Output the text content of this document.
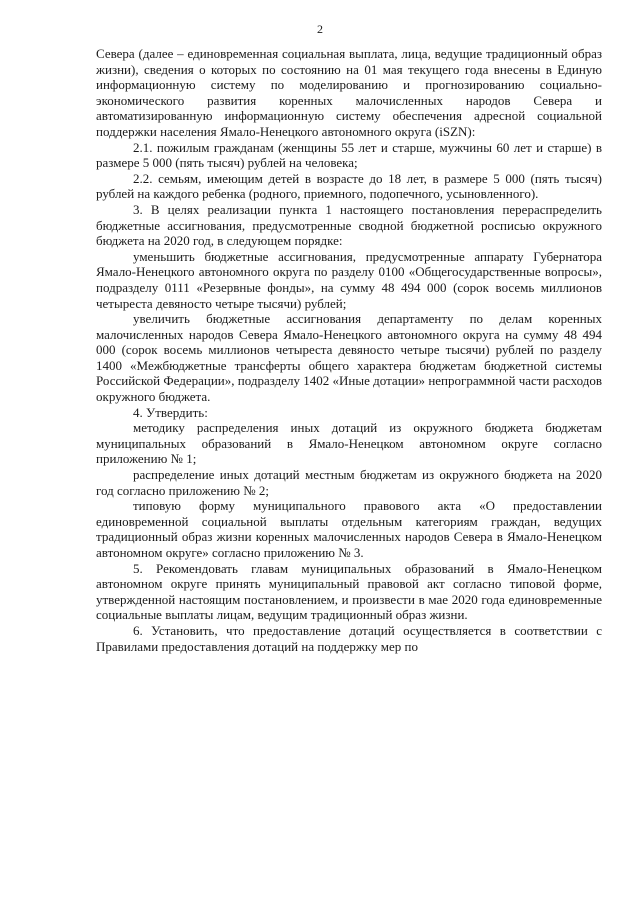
2

Севера (далее – единовременная социальная выплата, лица, ведущие традиционный образ жизни), сведения о которых по состоянию на 01 мая текущего года внесены в Единую информационную систему по моделированию и прогнозированию социально-экономического развития коренных малочисленных народов Севера и автоматизированную информационную систему обеспечения адресной социальной поддержки населения Ямало-Ненецкого автономного округа (iSZN):

2.1. пожилым гражданам (женщины 55 лет и старше, мужчины 60 лет и старше) в размере 5 000 (пять тысяч) рублей на человека;

2.2. семьям, имеющим детей в возрасте до 18 лет, в размере 5 000 (пять тысяч) рублей на каждого ребенка (родного, приемного, подопечного, усыновленного).

3. В целях реализации пункта 1 настоящего постановления перераспределить бюджетные ассигнования, предусмотренные сводной бюджетной росписью окружного бюджета на 2020 год, в следующем порядке:

уменьшить бюджетные ассигнования, предусмотренные аппарату Губернатора Ямало-Ненецкого автономного округа по разделу 0100 «Общегосударственные вопросы», подразделу 0111 «Резервные фонды», на сумму 48 494 000 (сорок восемь миллионов четыреста девяносто четыре тысячи) рублей;

увеличить бюджетные ассигнования департаменту по делам коренных малочисленных народов Севера Ямало-Ненецкого автономного округа на сумму 48 494 000 (сорок восемь миллионов четыреста девяносто четыре тысячи) рублей по разделу 1400 «Межбюджетные трансферты общего характера бюджетам бюджетной системы Российской Федерации», подразделу 1402 «Иные дотации» непрограммной части расходов окружного бюджета.

4. Утвердить:

методику распределения иных дотаций из окружного бюджета бюджетам муниципальных образований в Ямало-Ненецком автономном округе согласно приложению № 1;

распределение иных дотаций местным бюджетам из окружного бюджета на 2020 год согласно приложению № 2;

типовую форму муниципального правового акта «О предоставлении единовременной социальной выплаты отдельным категориям граждан, ведущих традиционный образ жизни коренных малочисленных народов Севера в Ямало-Ненецком автономном округе» согласно приложению № 3.

5. Рекомендовать главам муниципальных образований в Ямало-Ненецком автономном округе принять муниципальный правовой акт согласно типовой форме, утвержденной настоящим постановлением, и произвести в мае 2020 года единовременные социальные выплаты лицам, ведущим традиционный образ жизни.

6. Установить, что предоставление дотаций осуществляется в соответствии с Правилами предоставления дотаций на поддержку мер по
